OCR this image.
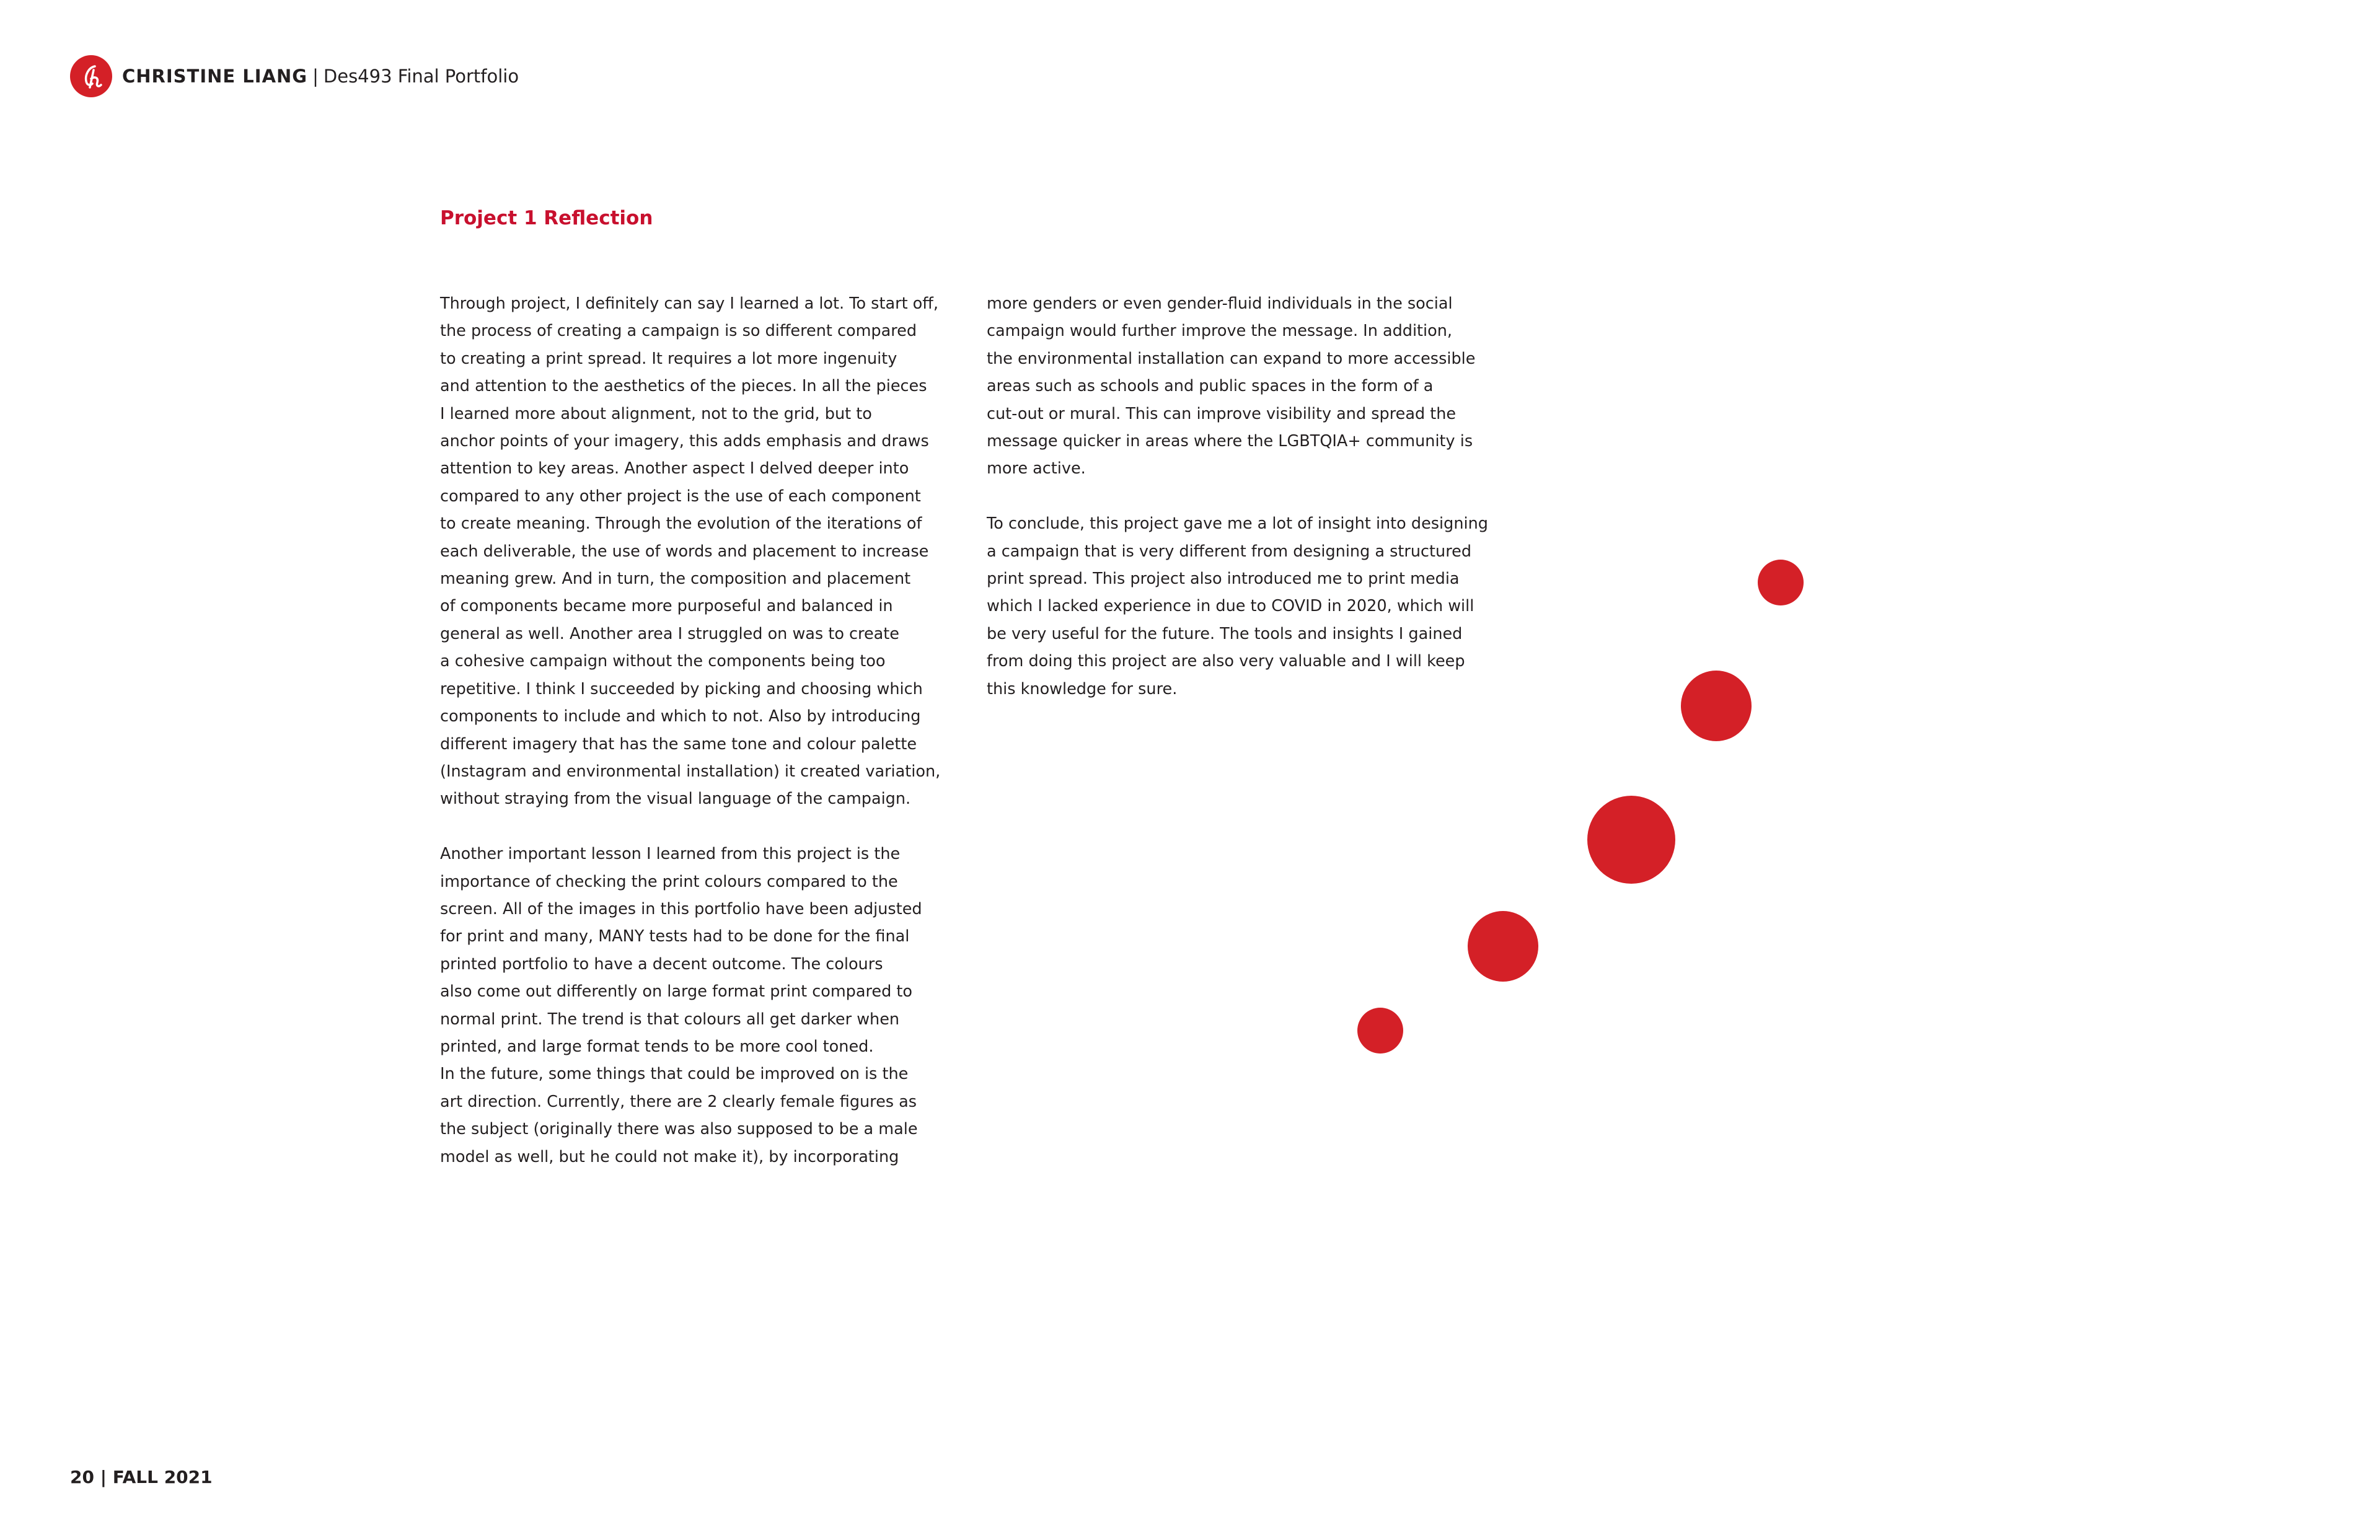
CHRISTINE LIANG | Des493 Final Portfolio
Project 1 Reflection

Through project, I definitely can say I learned a lot. To start off,
the process of creating a campaign is so different compared
to creating a print spread. It requires a lot more ingenuity
and attention to the aesthetics of the pieces. In all the pieces
I learned more about alignment, not to the grid, but to
anchor points of your imagery, this adds emphasis and draws
attention to key areas. Another aspect I delved deeper into
compared to any other project is the use of each component
to create meaning. Through the evolution of the iterations of
each deliverable, the use of words and placement to increase
meaning grew. And in turn, the composition and placement
of components became more purposeful and balanced in
general as well. Another area I struggled on was to create
a cohesive campaign without the components being too
repetitive. I think I succeeded by picking and choosing which
components to include and which to not. Also by introducing
different imagery that has the same tone and colour palette
(Instagram and environmental installation) it created variation,
without straying from the visual language of the campaign.

Another important lesson I learned from this project is the
importance of checking the print colours compared to the
screen. All of the images in this portfolio have been adjusted
for print and many, MANY tests had to be done for the final
printed portfolio to have a decent outcome. The colours
also come out differently on large format print compared to
normal print. The trend is that colours all get darker when
printed, and large format tends to be more cool toned.
In the future, some things that could be improved on is the
art direction. Currently, there are 2 clearly female figures as
the subject (originally there was also supposed to be a male
model as well, but he could not make it), by incorporating

more genders or even gender-fluid individuals in the social
campaign would further improve the message. In addition,
the environmental installation can expand to more accessible
areas such as schools and public spaces in the form of a
cut-out or mural. This can improve visibility and spread the
message quicker in areas where the LGBTQIA+ community is
more active.

To conclude, this project gave me a lot of insight into designing
a campaign that is very different from designing a structured
print spread. This project also introduced me to print media
which I lacked experience in due to COVID in 2020, which will
be very useful for the future. The tools and insights I gained
from doing this project are also very valuable and I will keep
this knowledge for sure.

20 | FALL 2021
